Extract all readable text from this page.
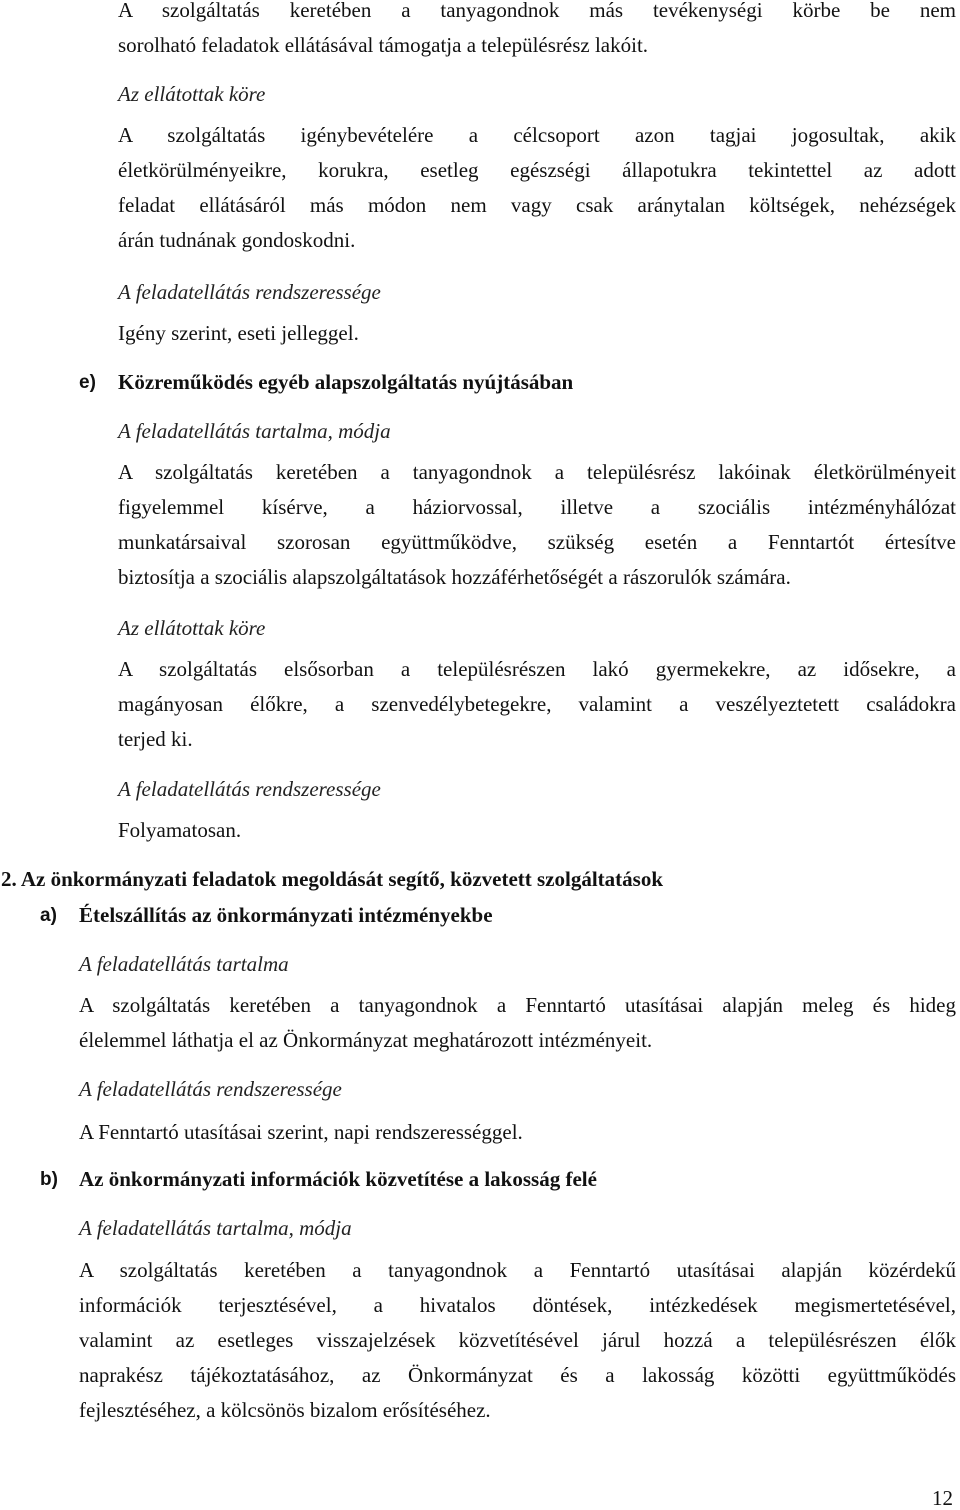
A szolgáltatás keretében a tanyagondnok más tevékenységi körbe be nem
sorolható feladatok ellátásával támogatja a településrész lakóit.
Az ellátottak köre
A szolgáltatás igénybevételére a célcsoport azon tagjai jogosultak, akik
életkörülményeikre, korukra, esetleg egészségi állapotukra tekintettel az adott
feladat ellátásáról más módon nem vagy csak aránytalan költségek, nehézségek
árán tudnának gondoskodni.
A feladatellátás rendszeressége
Igény szerint, eseti jelleggel.
e) Közreműködés egyéb alapszolgáltatás nyújtásában
A feladatellátás tartalma, módja
A szolgáltatás keretében a tanyagondnok a településrész lakóinak életkörülményeit
figyelemmel kísérve, a háziorvossal, illetve a szociális intézményhálózat
munkatársaival szorosan együttműködve, szükség esetén a Fenntartót értesítve
biztosítja a szociális alapszolgáltatások hozzáférhetőségét a rászorulók számára.
Az ellátottak köre
A szolgáltatás elsősorban a településrészen lakó gyermekekre, az idősekre, a
magányosan élőkre, a szenvedélybetegekre, valamint a veszélyeztetett családokra
terjed ki.
A feladatellátás rendszeressége
Folyamatosan.
2. Az önkormányzati feladatok megoldását segítő, közvetett szolgáltatások
a) Ételszállítás az önkormányzati intézményekbe
A feladatellátás tartalma
A szolgáltatás keretében a tanyagondnok a Fenntartó utasításai alapján meleg és hideg
élelemmel láthatja el az Önkormányzat meghatározott intézményeit.
A feladatellátás rendszeressége
A Fenntartó utasításai szerint, napi rendszerességgel.
b) Az önkormányzati információk közvetítése a lakosság felé
A feladatellátás tartalma, módja
A szolgáltatás keretében a tanyagondnok a Fenntartó utasításai alapján közérdekű
információk terjesztésével, a hivatalos döntések, intézkedések megismertetésével,
valamint az esetleges visszajelzések közvetítésével járul hozzá a településrészen élők
naprakész tájékoztatásához, az Önkormányzat és a lakosság közötti együttműködés
fejlesztéséhez, a kölcsönös bizalom erősítéséhez.
12
